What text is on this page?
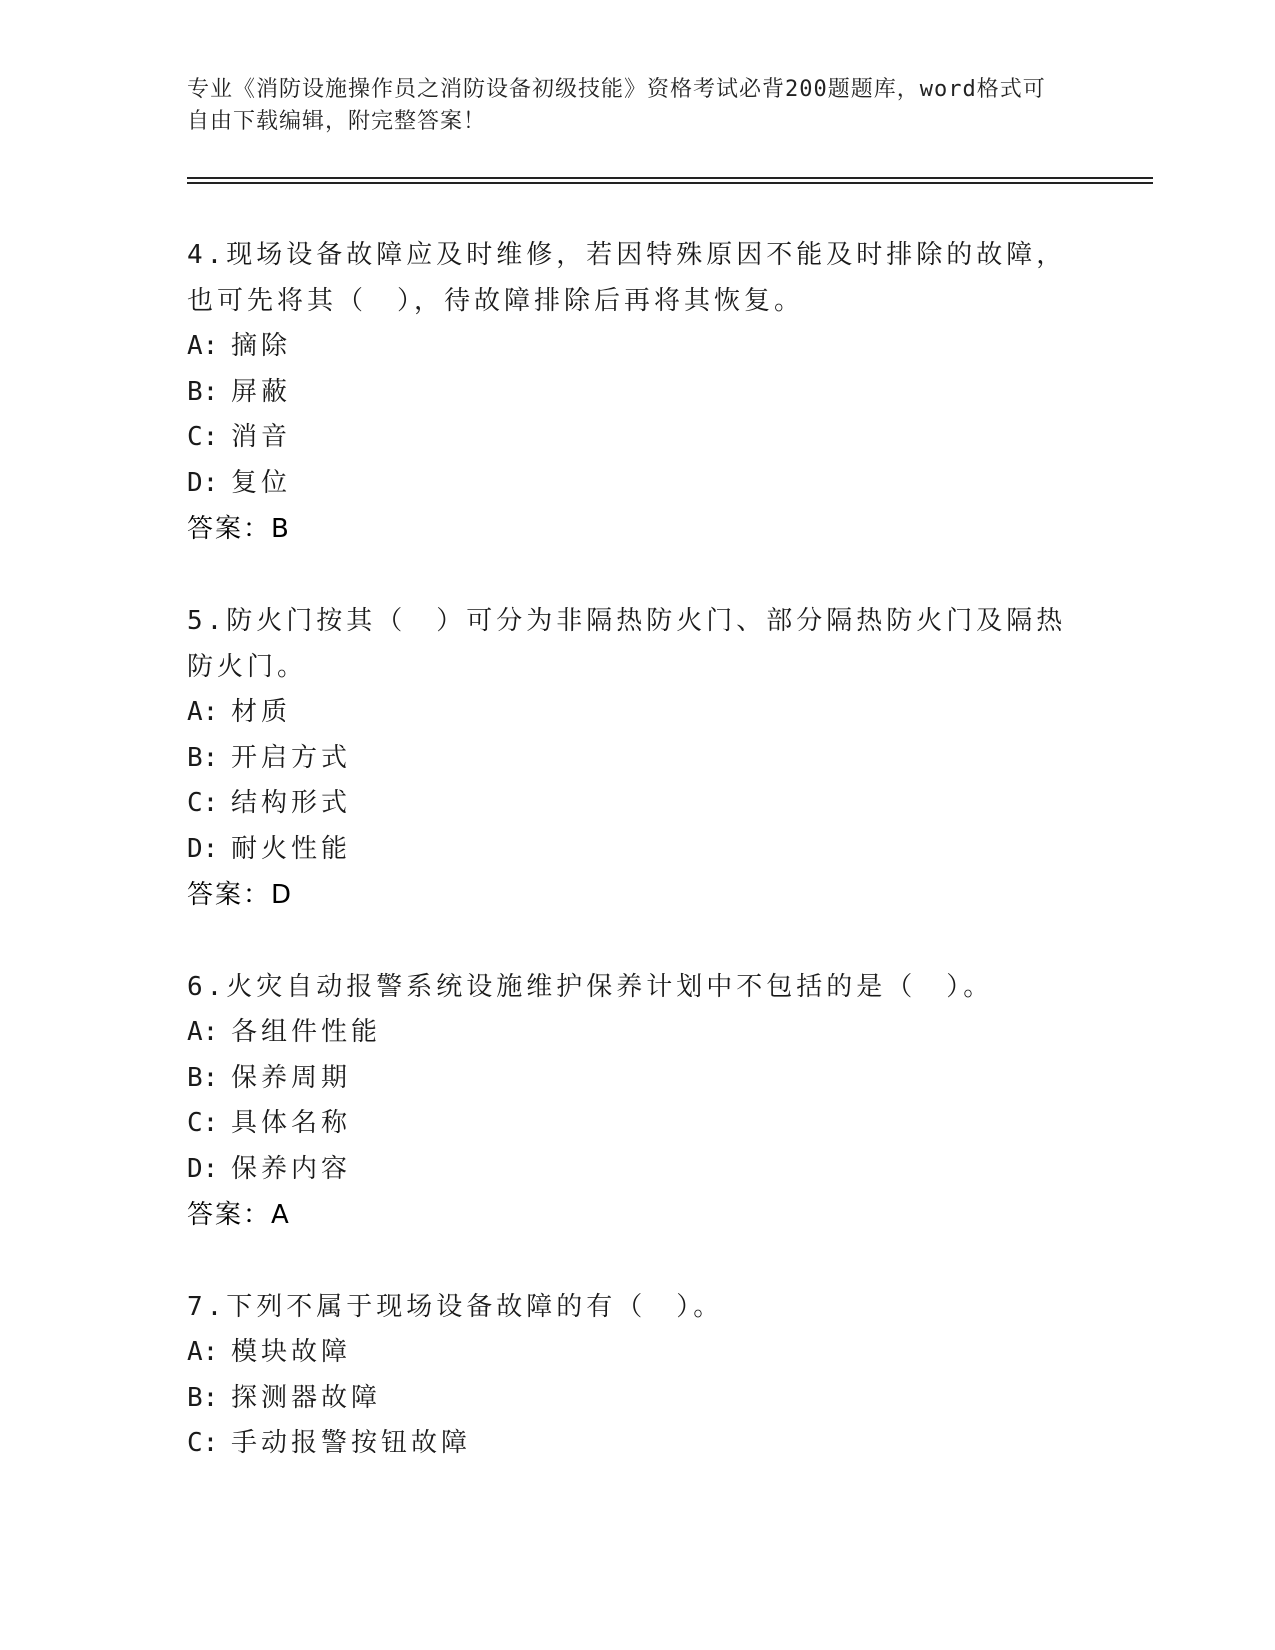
专业《消防设施操作员之消防设备初级技能》资格考试必背200题题库，word格式可自由下载编辑，附完整答案！
4.现场设备故障应及时维修，若因特殊原因不能及时排除的故障，也可先将其（　），待故障排除后再将其恢复。
A: 摘除
B: 屏蔽
C: 消音
D: 复位
答案：B
5.防火门按其（　）可分为非隔热防火门、部分隔热防火门及隔热防火门。
A: 材质
B: 开启方式
C: 结构形式
D: 耐火性能
答案：D
6.火灾自动报警系统设施维护保养计划中不包括的是（　）。
A: 各组件性能
B: 保养周期
C: 具体名称
D: 保养内容
答案：A
7.下列不属于现场设备故障的有（　）。
A: 模块故障
B: 探测器故障
C: 手动报警按钮故障
